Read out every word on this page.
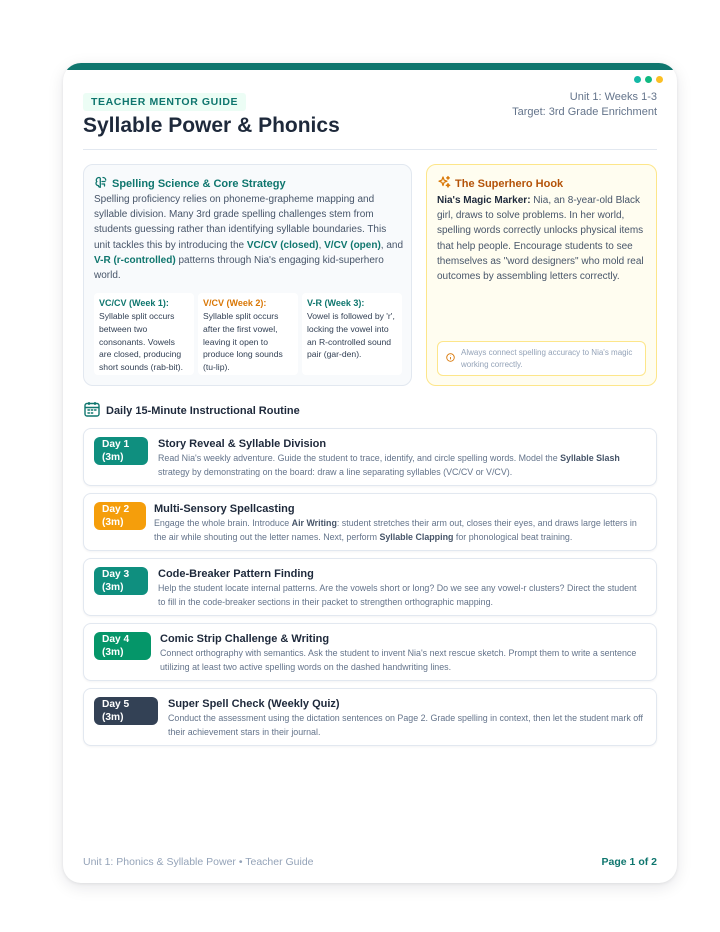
TEACHER MENTOR GUIDE
Syllable Power & Phonics
Unit 1: Weeks 1-3
Target: 3rd Grade Enrichment
Spelling Science & Core Strategy
Spelling proficiency relies on phoneme-grapheme mapping and syllable division. Many 3rd grade spelling challenges stem from students guessing rather than identifying syllable boundaries. This unit tackles this by introducing the VC/CV (closed), V/CV (open), and V-R (r-controlled) patterns through Nia's engaging kid-superhero world.
VC/CV (Week 1):
Syllable split occurs between two consonants. Vowels are closed, producing short sounds (rab-bit).
V/CV (Week 2):
Syllable split occurs after the first vowel, leaving it open to produce long sounds (tu-lip).
V-R (Week 3):
Vowel is followed by 'r', locking the vowel into an R-controlled sound pair (gar-den).
The Superhero Hook
Nia's Magic Marker: Nia, an 8-year-old Black girl, draws to solve problems. In her world, spelling words correctly unlocks physical items that help people. Encourage students to see themselves as "word designers" who mold real outcomes by assembling letters correctly.
Always connect spelling accuracy to Nia's magic working correctly.
Daily 15-Minute Instructional Routine
Day 1
(3m)
Story Reveal & Syllable Division
Read Nia's weekly adventure. Guide the student to trace, identify, and circle spelling words. Model the Syllable Slash
strategy by demonstrating on the board: draw a line separating syllables (VC/CV or V/CV).
Day 2
(3m)
Multi-Sensory Spellcasting
Engage the whole brain. Introduce Air Writing: student stretches their arm out, closes their eyes, and draws large letters in the air while shouting out the letter names. Next, perform Syllable Clapping for phonological beat training.
Day 3
(3m)
Code-Breaker Pattern Finding
Help the student locate internal patterns. Are the vowels short or long? Do we see any vowel-r clusters? Direct the student to fill in the code-breaker sections in their packet to strengthen orthographic mapping.
Day 4
(3m)
Comic Strip Challenge & Writing
Connect orthography with semantics. Ask the student to invent Nia's next rescue sketch. Prompt them to write a sentence utilizing at least two active spelling words on the dashed handwriting lines.
Day 5
(3m)
Super Spell Check (Weekly Quiz)
Conduct the assessment using the dictation sentences on Page 2. Grade spelling in context, then let the student mark off their achievement stars in their journal.
Unit 1: Phonics & Syllable Power • Teacher Guide	Page 1 of 2
